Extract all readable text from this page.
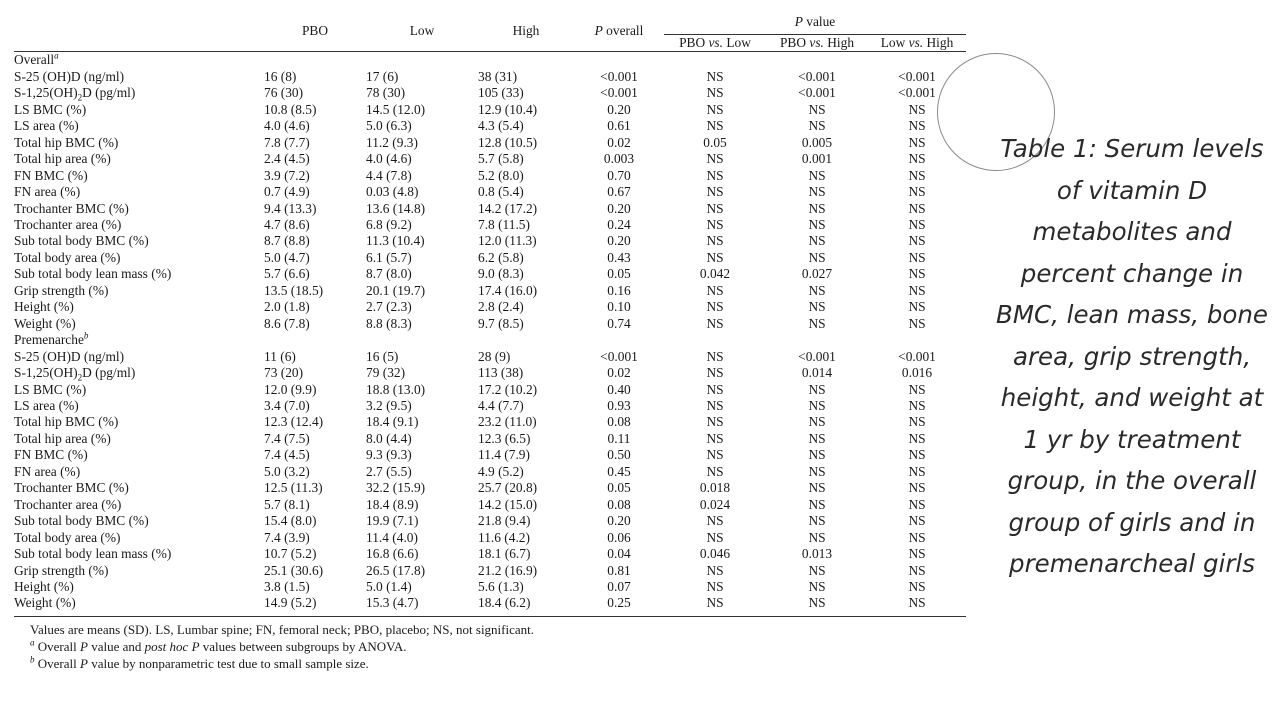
	PBO	Low	High	P overall	P value		
					PBO vs. Low	PBO vs. High	Low vs. High
Overall$^a$
S-25 (OH)D (ng/ml)	16 (8)	17 (6)	38 (31)	<0.001	NS	<0.001	<0.001
$S-1,25(OH)_2D$ (pg/ml)	76 (30)	78 (30)	105 (33)	<0.001	NS	<0.001	<0.001
LS BMC (%)	10.8 (8.5)	14.5 (12.0)	12.9 (10.4)	0.20	NS	NS	NS
LS area (%)	4.0 (4.6)	5.0 (6.3)	4.3 (5.4)	0.61	NS	NS	NS
Total hip BMC (%)	7.8 (7.7)	11.2 (9.3)	12.8 (10.5)	0.02	0.05	0.005	NS
Total hip area (%)	2.4 (4.5)	4.0 (4.6)	5.7 (5.8)	0.003	NS	0.001	NS
FN BMC (%)	3.9 (7.2)	4.4 (7.8)	5.2 (8.0)	0.70	NS	NS	NS
FN area (%)	0.7 (4.9)	0.03 (4.8)	0.8 (5.4)	0.67	NS	NS	NS
Trochanter BMC (%)	9.4 (13.3)	13.6 (14.8)	14.2 (17.2)	0.20	NS	NS	NS
Trochanter area (%)	4.7 (8.6)	6.8 (9.2)	7.8 (11.5)	0.24	NS	NS	NS
Sub total body BMC (%)	8.7 (8.8)	11.3 (10.4)	12.0 (11.3)	0.20	NS	NS	NS
Total body area (%)	5.0 (4.7)	6.1 (5.7)	6.2 (5.8)	0.43	NS	NS	NS
Sub total body lean mass (%)	5.7 (6.6)	8.7 (8.0)	9.0 (8.3)	0.05	0.042	0.027	NS
Grip strength (%)	13.5 (18.5)	20.1 (19.7)	17.4 (16.0)	0.16	NS	NS	NS
Height (%)	2.0 (1.8)	2.7 (2.3)	2.8 (2.4)	0.10	NS	NS	NS
Weight (%)	8.6 (7.8)	8.8 (8.3)	9.7 (8.5)	0.74	NS	NS	NS
Premenarche$^b$
S-25 (OH)D (ng/ml)	11 (6)	16 (5)	28 (9)	<0.001	NS	<0.001	<0.001
$S-1,25(OH)_2D$ (pg/ml)	73 (20)	79 (32)	113 (38)	0.02	NS	0.014	0.016
LS BMC (%)	12.0 (9.9)	18.8 (13.0)	17.2 (10.2)	0.40	NS	NS	NS
LS area (%)	3.4 (7.0)	3.2 (9.5)	4.4 (7.7)	0.93	NS	NS	NS
Total hip BMC (%)	12.3 (12.4)	18.4 (9.1)	23.2 (11.0)	0.08	NS	NS	NS
Total hip area (%)	7.4 (7.5)	8.0 (4.4)	12.3 (6.5)	0.11	NS	NS	NS
FN BMC (%)	7.4 (4.5)	9.3 (9.3)	11.4 (7.9)	0.50	NS	NS	NS
FN area (%)	5.0 (3.2)	2.7 (5.5)	4.9 (5.2)	0.45	NS	NS	NS
Trochanter BMC (%)	12.5 (11.3)	32.2 (15.9)	25.7 (20.8)	0.05	0.018	NS	NS
Trochanter area (%)	5.7 (8.1)	18.4 (8.9)	14.2 (15.0)	0.08	0.024	NS	NS
Sub total body BMC (%)	15.4 (8.0)	19.9 (7.1)	21.8 (9.4)	0.20	NS	NS	NS
Total body area (%)	7.4 (3.9)	11.4 (4.0)	11.6 (4.2)	0.06	NS	NS	NS
Sub total body lean mass (%)	10.7 (5.2)	16.8 (6.6)	18.1 (6.7)	0.04	0.046	0.013	NS
Grip strength (%)	25.1 (30.6)	26.5 (17.8)	21.2 (16.9)	0.81	NS	NS	NS
Height (%)	3.8 (1.5)	5.0 (1.4)	5.6 (1.3)	0.07	NS	NS	NS
Weight (%)	14.9 (5.2)	15.3 (4.7)	18.4 (6.2)	0.25	NS	NS	NS
Values are means (SD). LS, Lumbar spine; FN, femoral neck; PBO, placebo; NS, not significant.
$^a$ Overall P value and post hoc P values between subgroups by ANOVA.
$^b$ Overall P value by nonparametric test due to small sample size.
Table 1: Serum levels of vitamin D metabolites and percent change in BMC, lean mass, bone area, grip strength, height, and weight at 1 yr by treatment group, in the overall group of girls and in premenarcheal girls
